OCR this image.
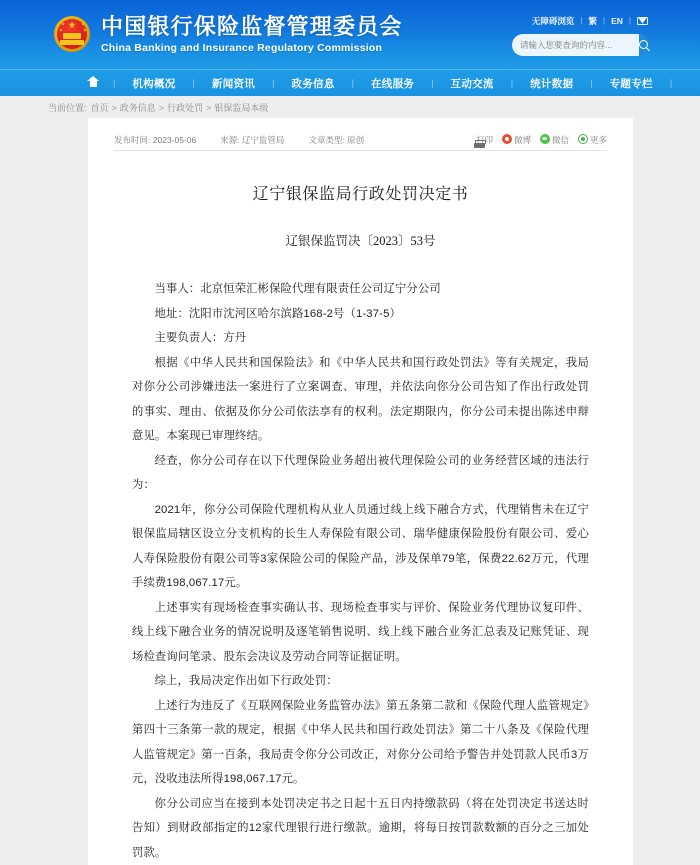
中国银行保险监督管理委员会
China Banking and Insurance Regulatory Commission
无障碍浏览 | 繁 | EN |
请输入您要查询的内容...
|	机构概况	|	新闻资讯	|	政务信息	|	在线服务	|	互动交流	|	统计数据	|	专题专栏	|
当前位置: 首页 > 政务信息 > 行政处罚 > 银保监局本级
发布时间: 2023-05-06	来源: 辽宁监管局	文章类型: 原创	打印 微博 微信 更多
辽宁银保监局行政处罚决定书
辽银保监罚决〔2023〕53号

当事人：北京恒荣汇彬保险代理有限责任公司辽宁分公司

地址：沈阳市沈河区哈尔滨路168-2号（1-37-5）

主要负责人：方丹

根据《中华人民共和国保险法》和《中华人民共和国行政处罚法》等有关规定，我局对你分公司涉嫌违法一案进行了立案调查、审理，并依法向你分公司告知了作出行政处罚的事实、理由、依据及你分公司依法享有的权利。法定期限内，你分公司未提出陈述申辩意见。本案现已审理终结。

经查，你分公司存在以下代理保险业务超出被代理保险公司的业务经营区域的违法行为：

2021年，你分公司保险代理机构从业人员通过线上线下融合方式，代理销售未在辽宁银保监局辖区设立分支机构的长生人寿保险有限公司、瑞华健康保险股份有限公司、爱心人寿保险股份有限公司等3家保险公司的保险产品，涉及保单79笔，保费22.62万元，代理手续费198,067.17元。

上述事实有现场检查事实确认书、现场检查事实与评价、保险业务代理协议复印件、线上线下融合业务的情况说明及逐笔销售说明、线上线下融合业务汇总表及记账凭证、现场检查询问笔录、股东会决议及劳动合同等证据证明。

综上，我局决定作出如下行政处罚：

上述行为违反了《互联网保险业务监管办法》第五条第二款和《保险代理人监管规定》第四十三条第一款的规定，根据《中华人民共和国行政处罚法》第二十八条及《保险代理人监管规定》第一百条，我局责令你分公司改正，对你分公司给予警告并处罚款人民币3万元，没收违法所得198,067.17元。

你分公司应当在接到本处罚决定书之日起十五日内持缴款码（将在处罚决定书送达时告知）到财政部指定的12家代理银行进行缴款。逾期，将每日按罚款数额的百分之三加处罚款。
